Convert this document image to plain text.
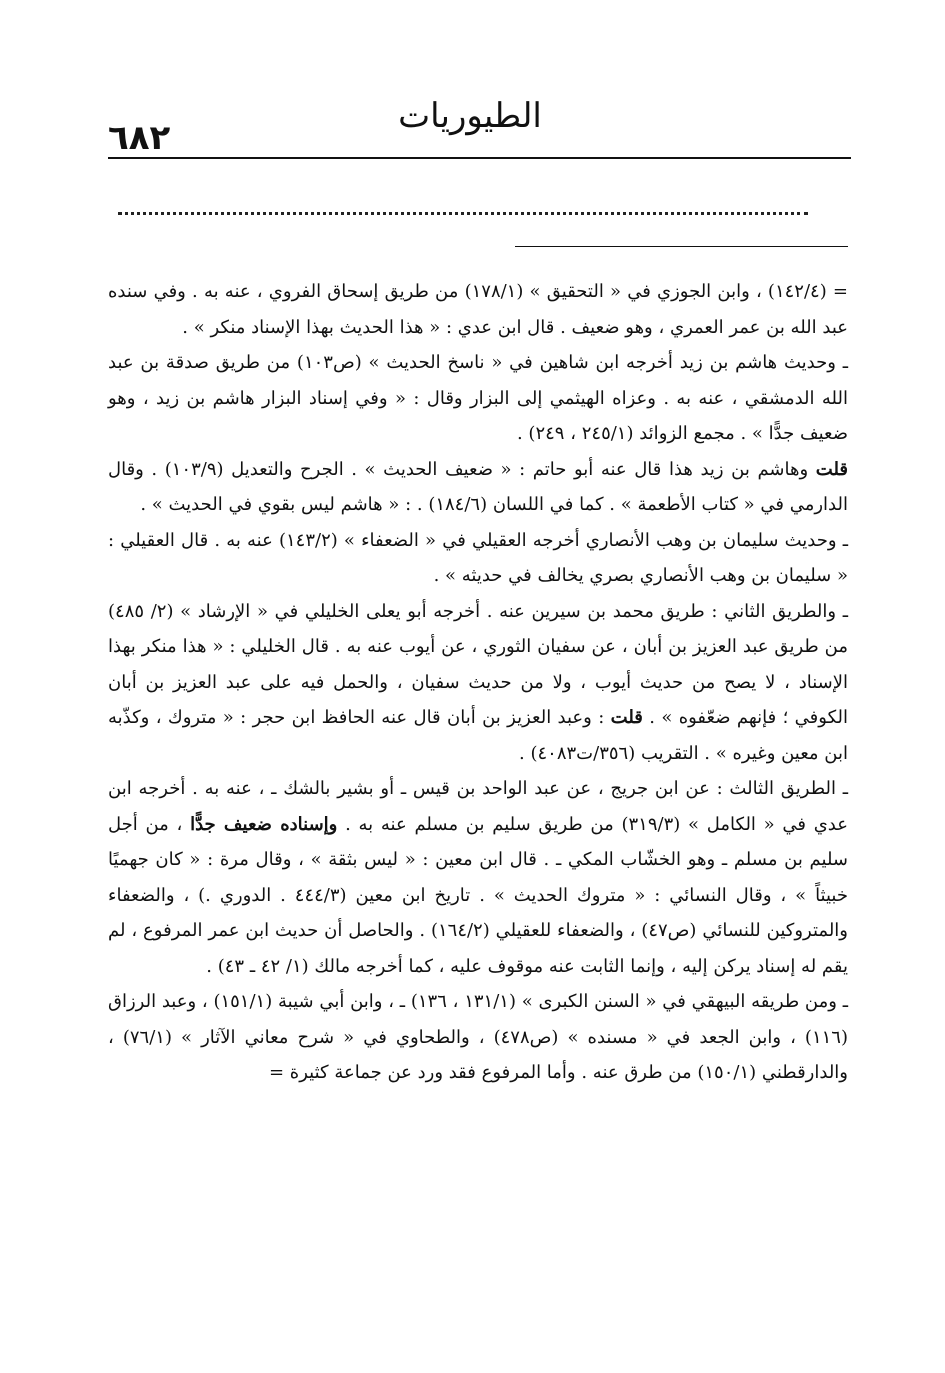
٦٨٢
الطيوريات

= (١٤٢/٤) ، وابن الجوزي في « التحقيق » (١٧٨/١) من طريق إسحاق الفروي ، عنه به . وفي سنده عبد الله بن عمر العمري ، وهو ضعيف . قال ابن عدي : « هذا الحديث بهذا الإسناد منكر » .

ـ وحديث هاشم بن زيد أخرجه ابن شاهين في « ناسخ الحديث » (ص١٠٣) من طريق صدقة بن عبد الله الدمشقي ، عنه به . وعزاه الهيثمي إلى البزار وقال : « وفي إسناد البزار هاشم بن زيد ، وهو ضعيف جدًّا » . مجمع الزوائد (٢٤٥/١ ، ٢٤٩) .

قلت وهاشم بن زيد هذا قال عنه أبو حاتم : « ضعيف الحديث » . الجرح والتعديل (١٠٣/٩) . وقال الدارمي في « كتاب الأطعمة » . كما في اللسان (١٨٤/٦) . : « هاشم ليس بقوي في الحديث » .

ـ وحديث سليمان بن وهب الأنصاري أخرجه العقيلي في « الضعفاء » (١٤٣/٢) عنه به . قال العقيلي : « سليمان بن وهب الأنصاري بصري يخالف في حديثه » .

ـ والطريق الثاني : طريق محمد بن سيرين عنه . أخرجه أبو يعلى الخليلي في « الإرشاد » (٢/ ٤٨٥) من طريق عبد العزيز بن أبان ، عن سفيان الثوري ، عن أيوب عنه به . قال الخليلي : « هذا منكر بهذا الإسناد ، لا يصح من حديث أيوب ، ولا من حديث سفيان ، والحمل فيه على عبد العزيز بن أبان الكوفي ؛ فإنهم ضعّفوه » . قلت : وعبد العزيز بن أبان قال عنه الحافظ ابن حجر : « متروك ، وكذّبه ابن معين وغيره » . التقريب (٣٥٦/ت٤٠٨٣) .

ـ الطريق الثالث : عن ابن جريج ، عن عبد الواحد بن قيس ـ أو بشير بالشك ـ ، عنه به . أخرجه ابن عدي في « الكامل » (٣١٩/٣) من طريق سليم بن مسلم عنه به . وإسناده ضعيف جدًّا ، من أجل سليم بن مسلم ـ وهو الخشّاب المكي ـ . قال ابن معين : « ليس بثقة » ، وقال مرة : « كان جهميًا خبيثاً » ، وقال النسائي : « متروك الحديث » . تاريخ ابن معين (٤٤٤/٣ . الدوري .) ، والضعفاء والمتروكين للنسائي (ص٤٧) ، والضعفاء للعقيلي (١٦٤/٢) . والحاصل أن حديث ابن عمر المرفوع ، لم يقم له إسناد يركن إليه ، وإنما الثابت عنه موقوف عليه ، كما أخرجه مالك (١/ ٤٢ ـ ٤٣) .

ـ ومن طريقه البيهقي في « السنن الكبرى » (١٣١/١ ، ١٣٦) ـ ، وابن أبي شيبة (١٥١/١) ، وعبد الرزاق (١١٦) ، وابن الجعد في « مسنده » (ص٤٧٨) ، والطحاوي في « شرح معاني الآثار » (٧٦/١) ، والدارقطني (١٥٠/١) من طرق عنه . وأما المرفوع فقد ورد عن جماعة كثيرة =
